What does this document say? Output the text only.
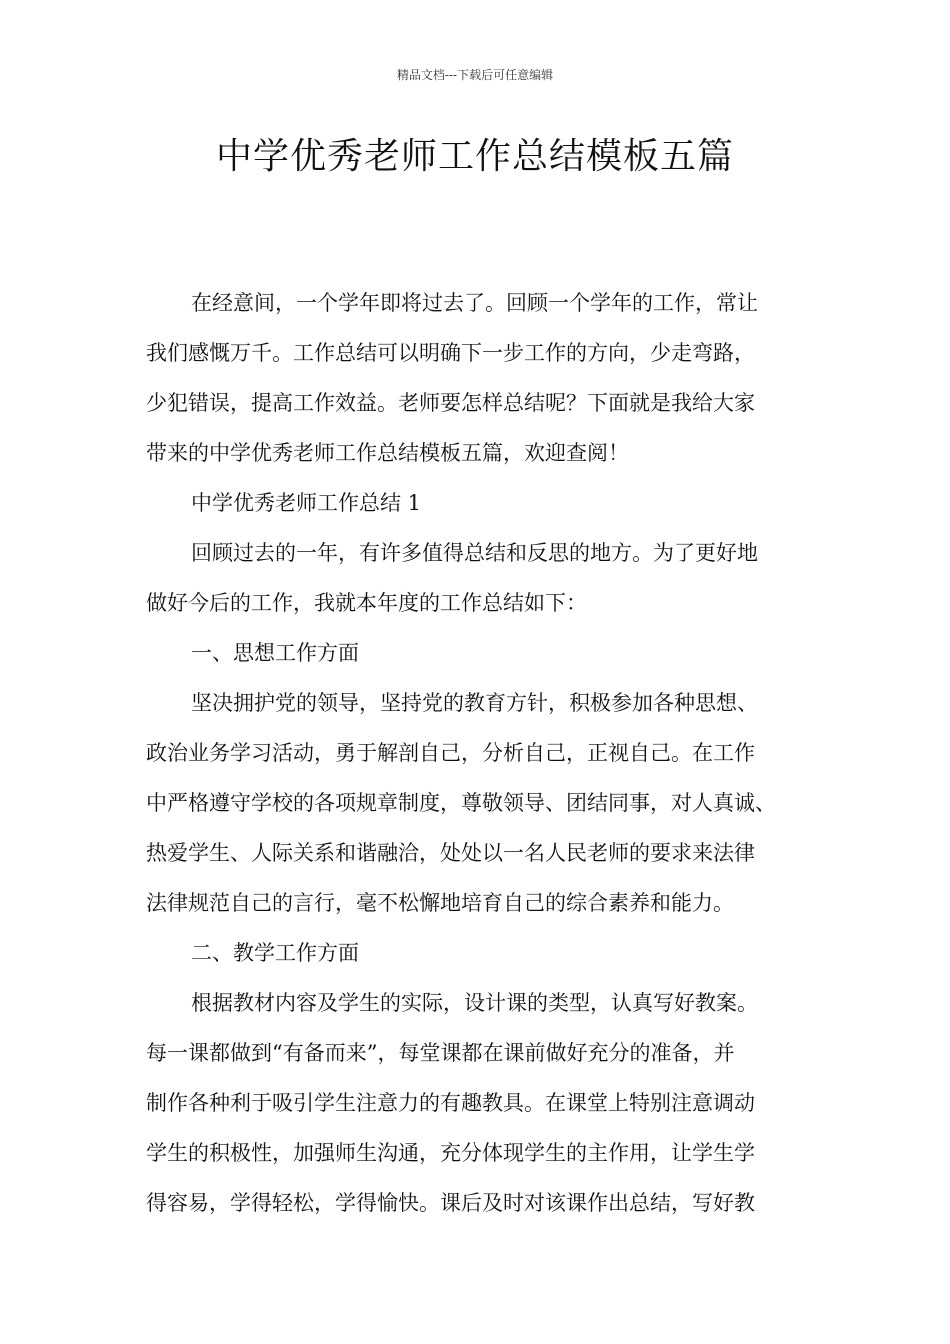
精品文档---下载后可任意编辑
中学优秀老师工作总结模板五篇
在经意间，一个学年即将过去了。回顾一个学年的工作，常让
我们感慨万千。工作总结可以明确下一步工作的方向，少走弯路，
少犯错误，提高工作效益。老师要怎样总结呢？下面就是我给大家
带来的中学优秀老师工作总结模板五篇，欢迎查阅！
中学优秀老师工作总结 1
回顾过去的一年，有许多值得总结和反思的地方。为了更好地
做好今后的工作，我就本年度的工作总结如下：
一、思想工作方面
坚决拥护党的领导，坚持党的教育方针，积极参加各种思想、
政治业务学习活动，勇于解剖自己，分析自己，正视自己。在工作
中严格遵守学校的各项规章制度，尊敬领导、团结同事，对人真诚、
热爱学生、人际关系和谐融洽，处处以一名人民老师的要求来法律
法律规范自己的言行，毫不松懈地培育自己的综合素养和能力。
二、教学工作方面
根据教材内容及学生的实际，设计课的类型，认真写好教案。
每一课都做到“有备而来”，每堂课都在课前做好充分的准备，并
制作各种利于吸引学生注意力的有趣教具。在课堂上特别注意调动
学生的积极性，加强师生沟通，充分体现学生的主作用，让学生学
得容易，学得轻松，学得愉快。课后及时对该课作出总结，写好教
